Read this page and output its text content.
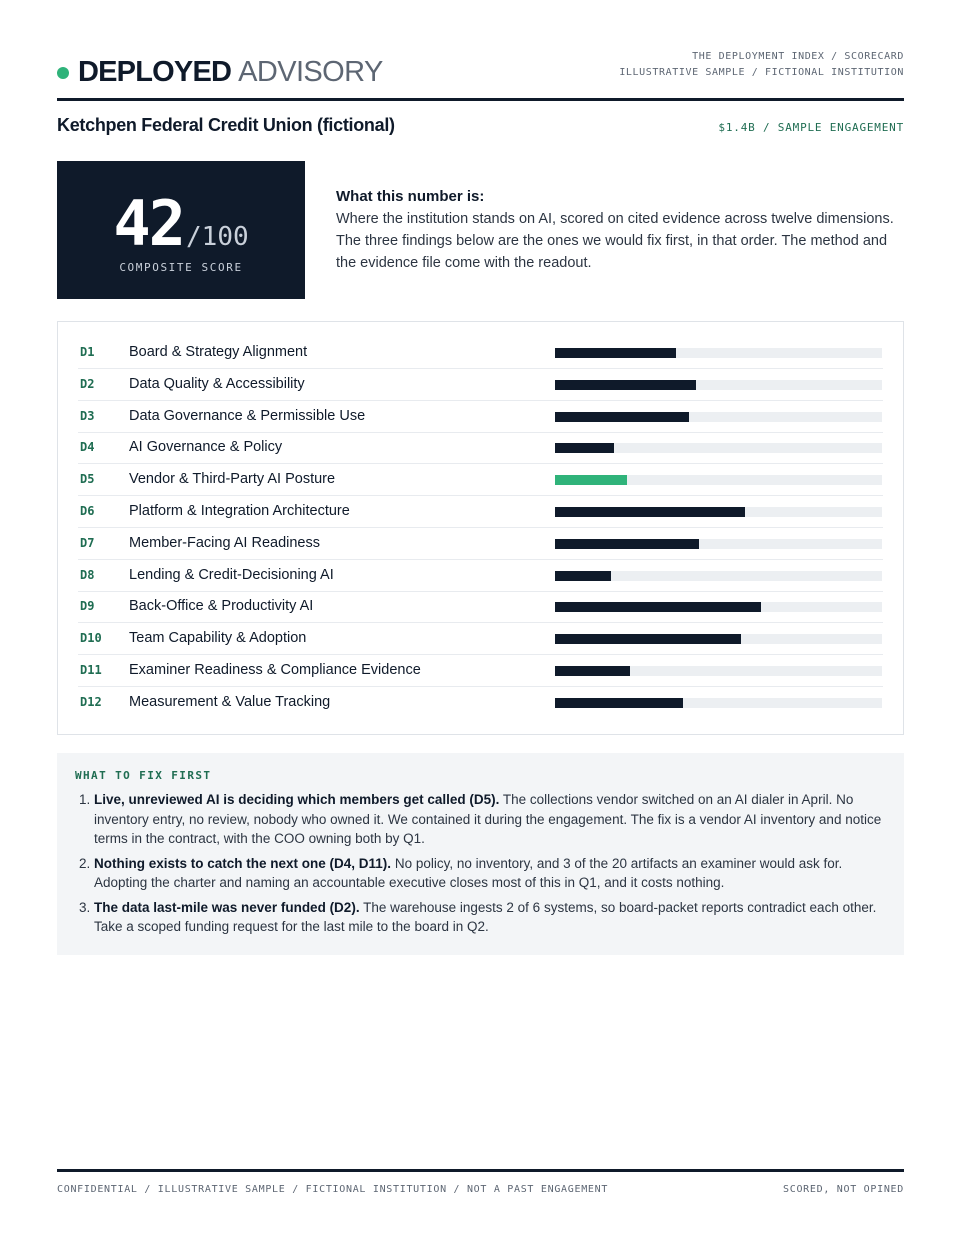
DEPLOYED ADVISORY	THE DEPLOYMENT INDEX / SCORECARD
ILLUSTRATIVE SAMPLE / FICTIONAL INSTITUTION
Ketchpen Federal Credit Union (fictional)	$1.4B / SAMPLE ENGAGEMENT
42/100
COMPOSITE SCORE
What this number is:
Where the institution stands on AI, scored on cited evidence across twelve dimensions. The three findings below are the ones we would fix first, in that order. The method and the evidence file come with the readout.
D1 Board & Strategy Alignment
D2 Data Quality & Accessibility
D3 Data Governance & Permissible Use
D4 AI Governance & Policy
D5 Vendor & Third-Party AI Posture
D6 Platform & Integration Architecture
D7 Member-Facing AI Readiness
D8 Lending & Credit-Decisioning AI
D9 Back-Office & Productivity AI
D10 Team Capability & Adoption
D11 Examiner Readiness & Compliance Evidence
D12 Measurement & Value Tracking
WHAT TO FIX FIRST
1. Live, unreviewed AI is deciding which members get called (D5). The collections vendor switched on an AI dialer in April. No inventory entry, no review, nobody who owned it. We contained it during the engagement. The fix is a vendor AI inventory and notice terms in the contract, with the COO owning both by Q1.
2. Nothing exists to catch the next one (D4, D11). No policy, no inventory, and 3 of the 20 artifacts an examiner would ask for. Adopting the charter and naming an accountable executive closes most of this in Q1, and it costs nothing.
3. The data last-mile was never funded (D2). The warehouse ingests 2 of 6 systems, so board-packet reports contradict each other. Take a scoped funding request for the last mile to the board in Q2.
CONFIDENTIAL / ILLUSTRATIVE SAMPLE / FICTIONAL INSTITUTION / NOT A PAST ENGAGEMENT	SCORED, NOT OPINED
